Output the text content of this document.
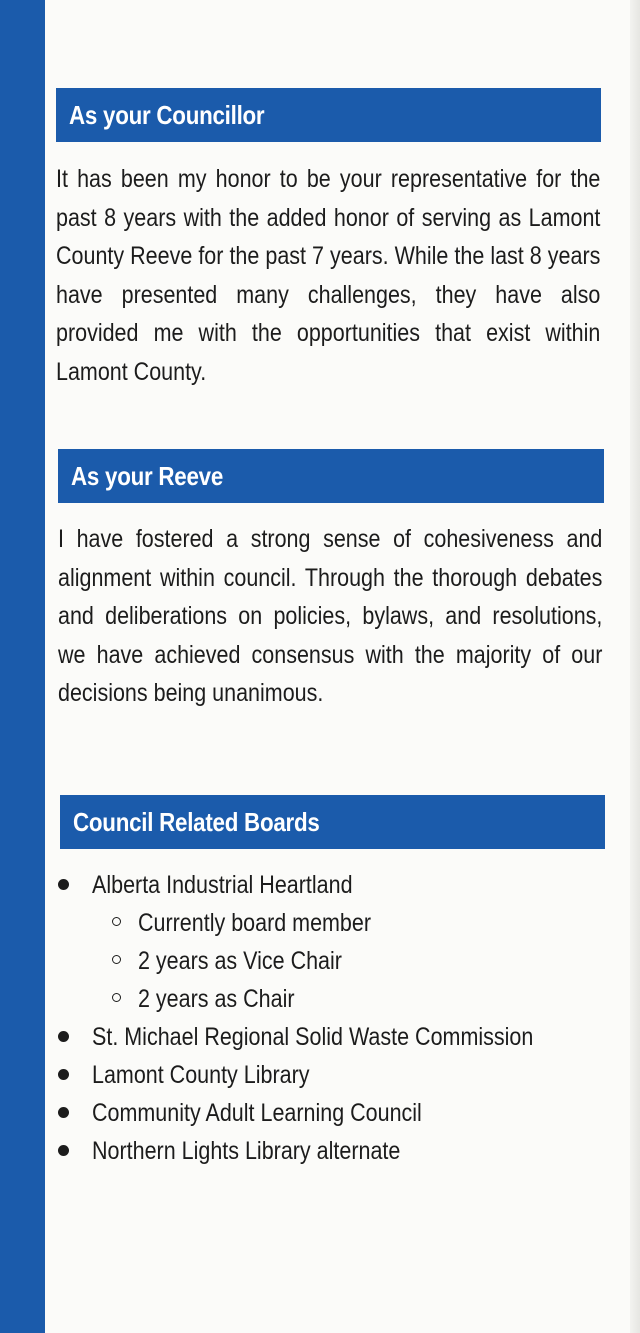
As your Councillor
It has been my honor to be your representative for the past 8 years with the added honor of serving as Lamont County Reeve for the past 7 years. While the last 8 years have presented many challenges, they have also provided me with the opportunities that exist within Lamont County.
As your Reeve
I have fostered a strong sense of cohesiveness and alignment within council. Through the thorough debates and deliberations on policies, bylaws, and resolutions, we have achieved consensus with the majority of our decisions being unanimous.
Council Related Boards
Alberta Industrial Heartland
Currently board member
2 years as Vice Chair
2 years as Chair
St. Michael Regional Solid Waste Commission
Lamont County Library
Community Adult Learning Council
Northern Lights Library alternate
